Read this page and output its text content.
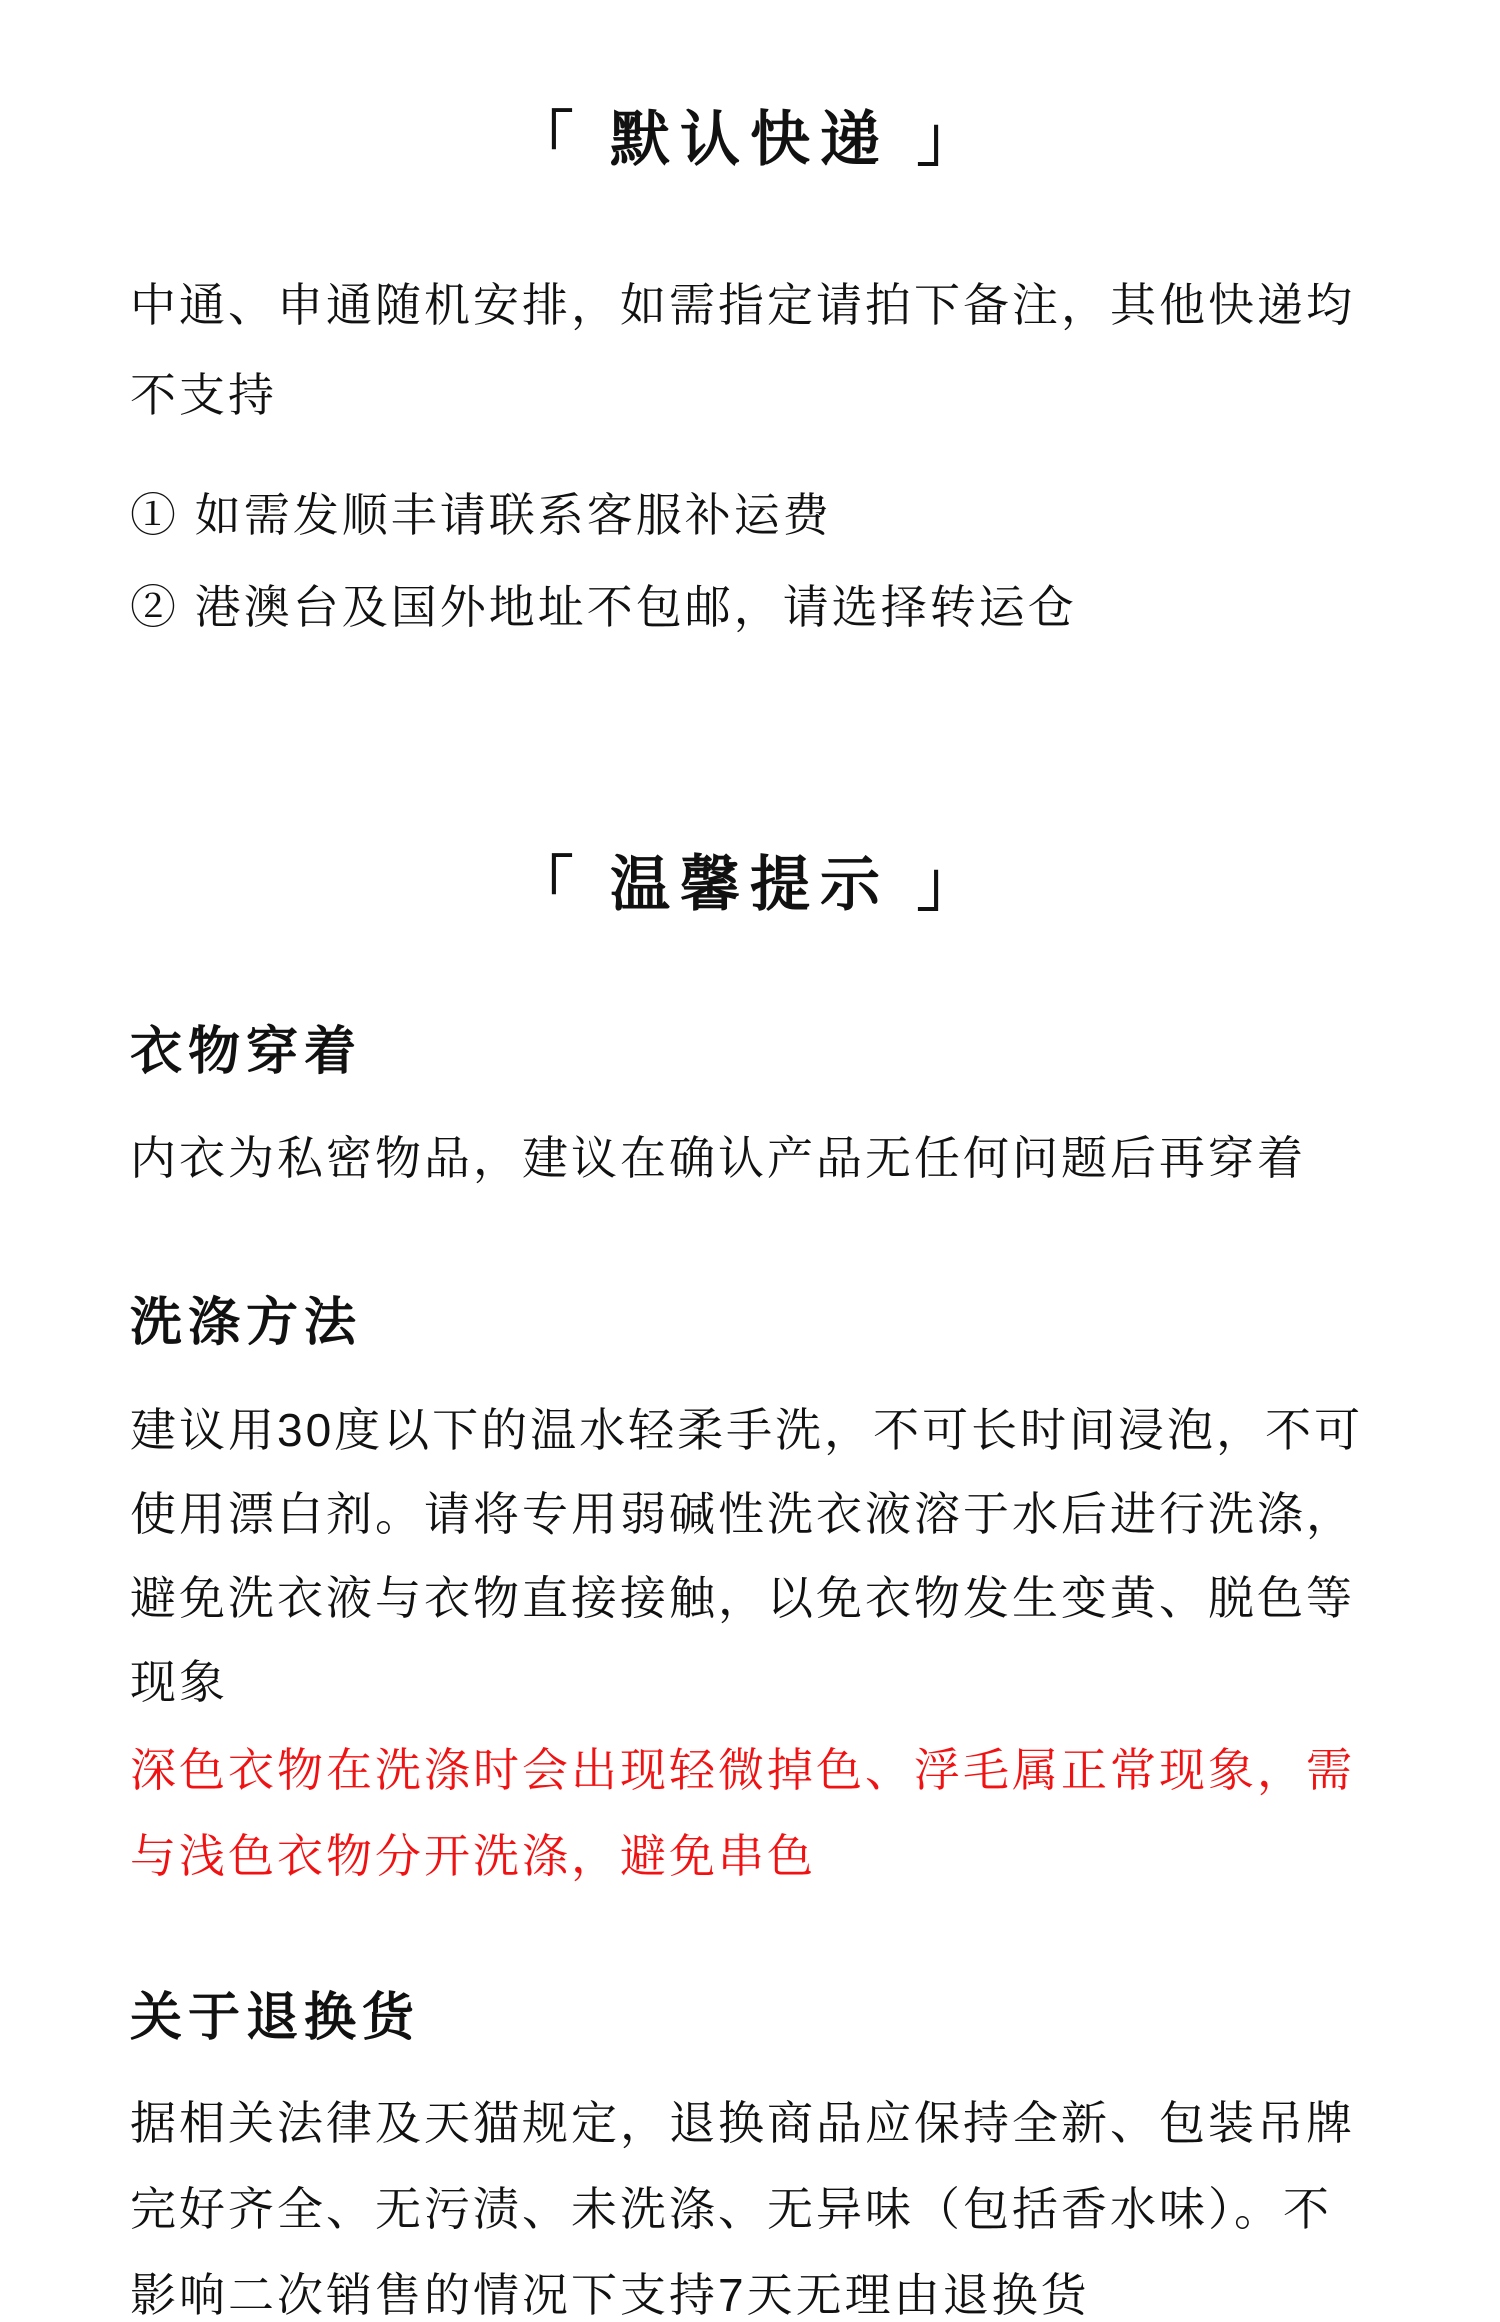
「 默认快递 」
中通、申通随机安排，如需指定请拍下备注，其他快递均
不支持
① 如需发顺丰请联系客服补运费
② 港澳台及国外地址不包邮，请选择转运仓
「 温馨提示 」
衣物穿着
内衣为私密物品，建议在确认产品无任何问题后再穿着
洗涤方法
建议用30度以下的温水轻柔手洗，不可长时间浸泡，不可
使用漂白剂。请将专用弱碱性洗衣液溶于水后进行洗涤，
避免洗衣液与衣物直接接触，以免衣物发生变黄、脱色等
现象
深色衣物在洗涤时会出现轻微掉色、浮毛属正常现象，需
与浅色衣物分开洗涤，避免串色
关于退换货
据相关法律及天猫规定，退换商品应保持全新、包装吊牌
完好齐全、无污渍、未洗涤、无异味（包括香水味）。不
影响二次销售的情况下支持7天无理由退换货
